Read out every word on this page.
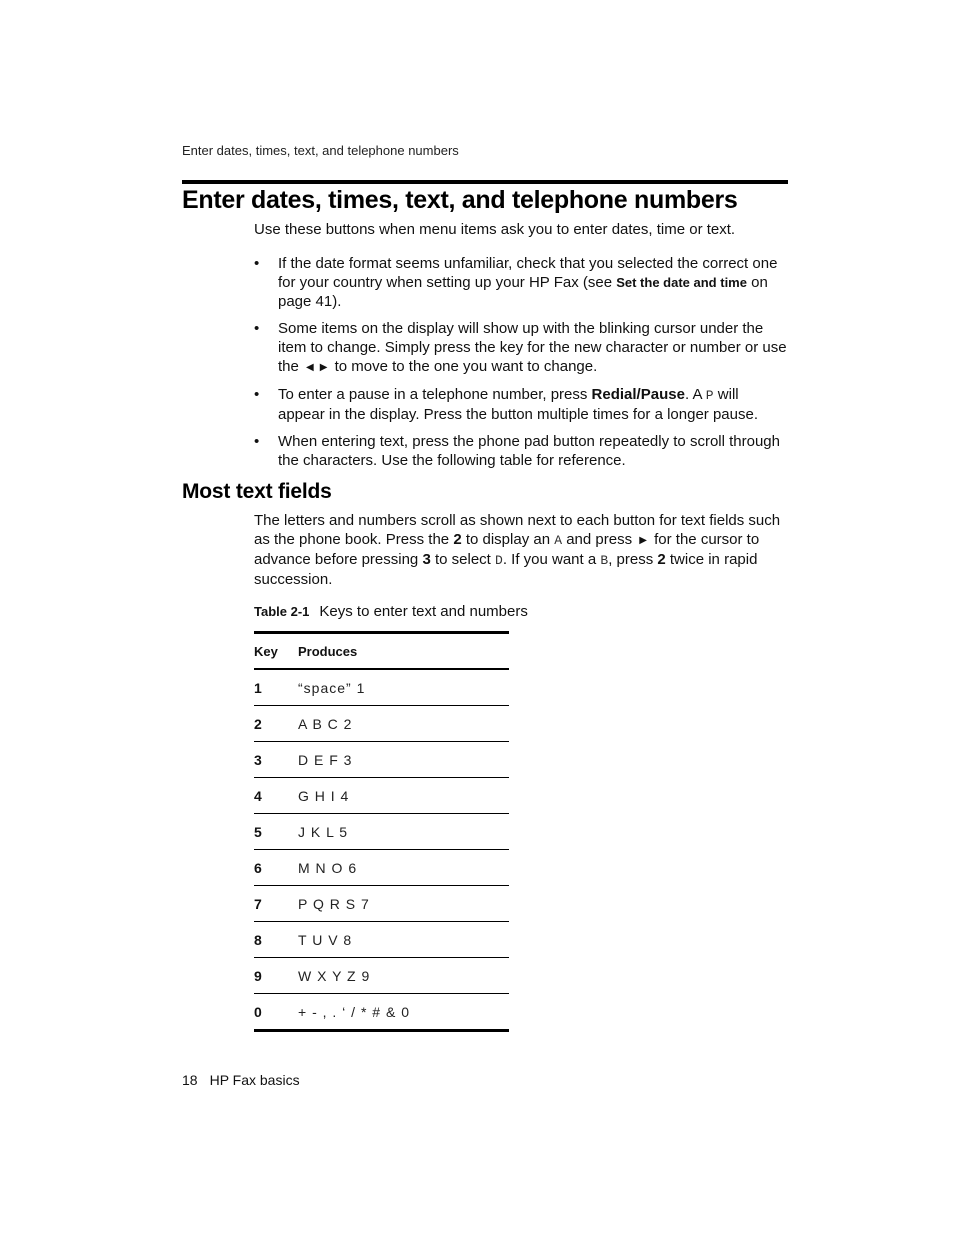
Enter dates, times, text, and telephone numbers
Enter dates, times, text, and telephone numbers
Use these buttons when menu items ask you to enter dates, time or text.
• If the date format seems unfamiliar, check that you selected the correct one for your country when setting up your HP Fax (see Set the date and time on page 41).
• Some items on the display will show up with the blinking cursor under the item to change. Simply press the key for the new character or number or use the ◀ ▶ to move to the one you want to change.
• To enter a pause in a telephone number, press Redial/Pause. A P will appear in the display. Press the button multiple times for a longer pause.
• When entering text, press the phone pad button repeatedly to scroll through the characters. Use the following table for reference.
Most text fields
The letters and numbers scroll as shown next to each button for text fields such as the phone book. Press the 2 to display an A and press ▶ for the cursor to advance before pressing 3 to select D. If you want a B, press 2 twice in rapid succession.
Table 2-1 Keys to enter text and numbers
Key	Produces
1	“space” 1
2	A B C 2
3	D E F 3
4	G H I 4
5	J K L 5
6	M N O 6
7	P Q R S 7
8	T U V 8
9	W X Y Z 9
0	+ - , . ‘ / * # & 0
18 HP Fax basics
